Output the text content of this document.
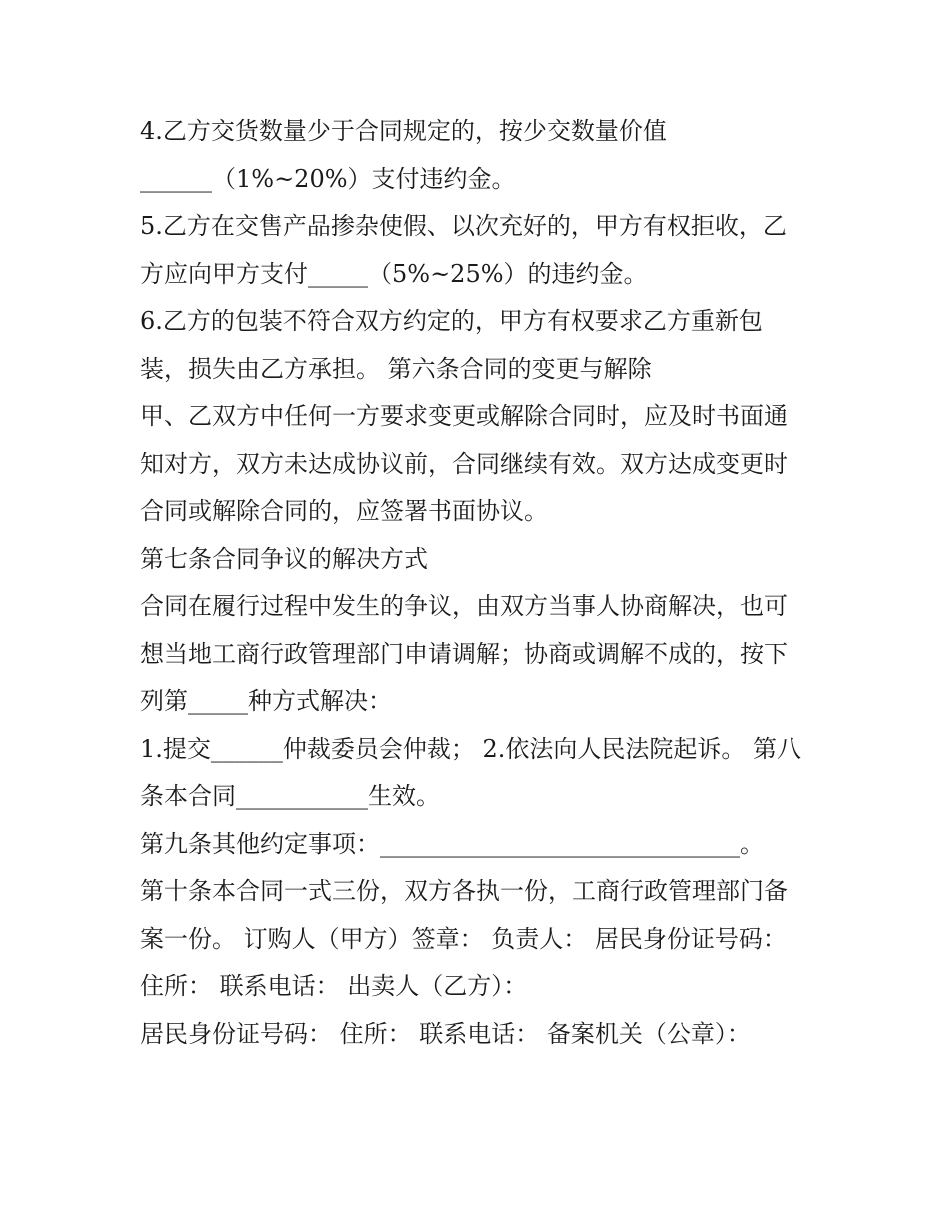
4.乙方交货数量少于合同规定的，按少交数量价值
______（1%~20%）支付违约金。
5.乙方在交售产品掺杂使假、以次充好的，甲方有权拒收，乙
方应向甲方支付_____（5%~25%）的违约金。
6.乙方的包装不符合双方约定的，甲方有权要求乙方重新包
装，损失由乙方承担。 第六条合同的变更与解除
甲、乙双方中任何一方要求变更或解除合同时，应及时书面通
知对方，双方未达成协议前，合同继续有效。双方达成变更时
合同或解除合同的，应签署书面协议。
第七条合同争议的解决方式
合同在履行过程中发生的争议，由双方当事人协商解决，也可
想当地工商行政管理部门申请调解；协商或调解不成的，按下
列第_____种方式解决：
1.提交______仲裁委员会仲裁； 2.依法向人民法院起诉。 第八
条本合同___________生效。
第九条其他约定事项：______________________________。
第十条本合同一式三份，双方各执一份，工商行政管理部门备
案一份。 订购人（甲方）签章： 负责人： 居民身份证号码：
住所： 联系电话： 出卖人（乙方）：
居民身份证号码： 住所： 联系电话： 备案机关（公章）：
